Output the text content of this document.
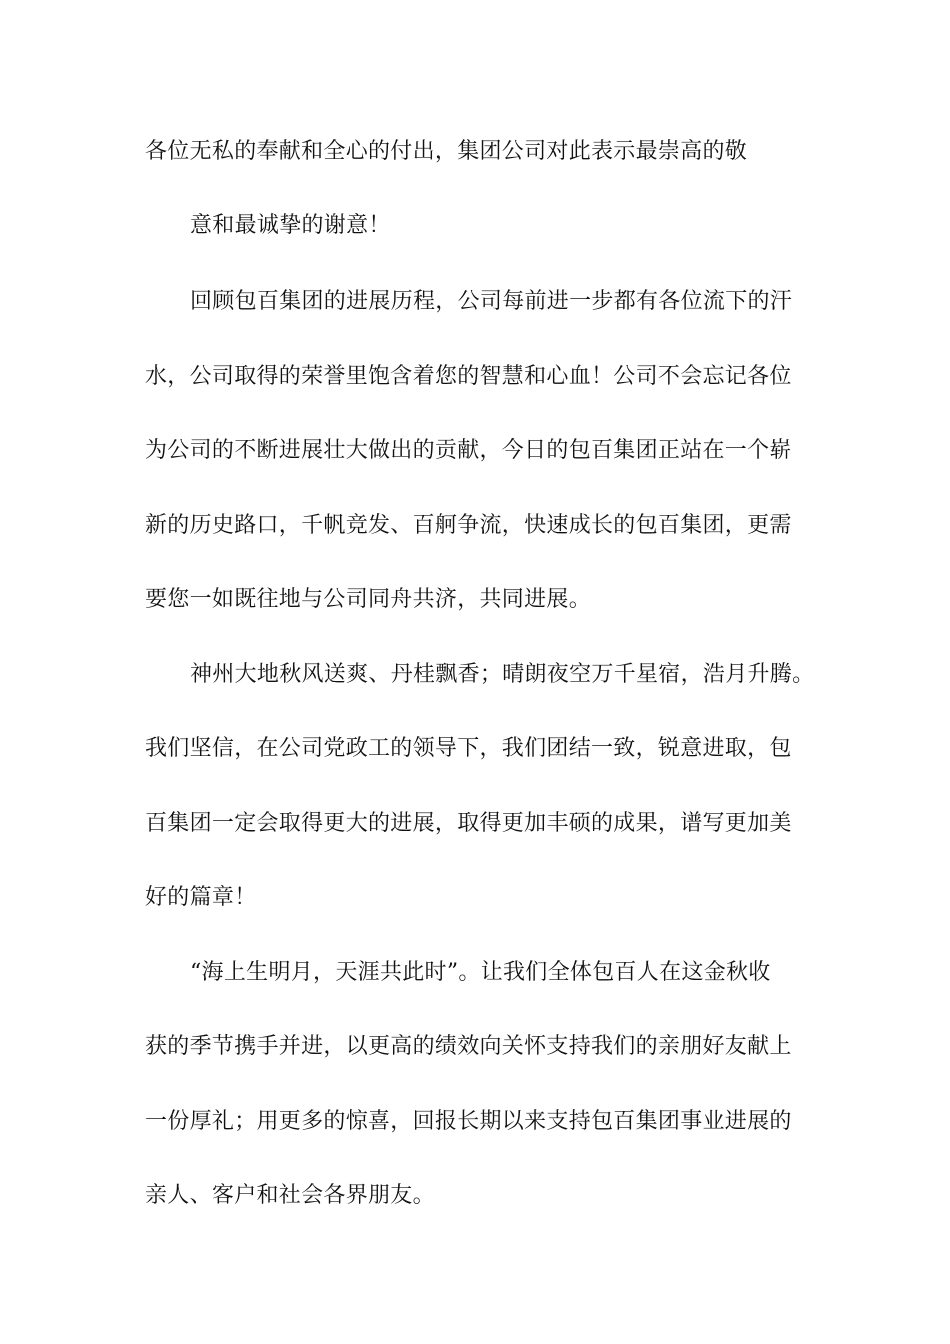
各位无私的奉献和全心的付出，集团公司对此表示最崇高的敬
意和最诚挚的谢意！
回顾包百集团的进展历程，公司每前进一步都有各位流下的汗
水，公司取得的荣誉里饱含着您的智慧和心血！公司不会忘记各位
为公司的不断进展壮大做出的贡献，今日的包百集团正站在一个崭
新的历史路口，千帆竞发、百舸争流，快速成长的包百集团，更需
要您一如既往地与公司同舟共济，共同进展。
神州大地秋风送爽、丹桂飘香；晴朗夜空万千星宿，浩月升腾。
我们坚信，在公司党政工的领导下，我们团结一致，锐意进取，包
百集团一定会取得更大的进展，取得更加丰硕的成果，谱写更加美
好的篇章！
“海上生明月，天涯共此时”。让我们全体包百人在这金秋收
获的季节携手并进，以更高的绩效向关怀支持我们的亲朋好友献上
一份厚礼；用更多的惊喜，回报长期以来支持包百集团事业进展的
亲人、客户和社会各界朋友。
